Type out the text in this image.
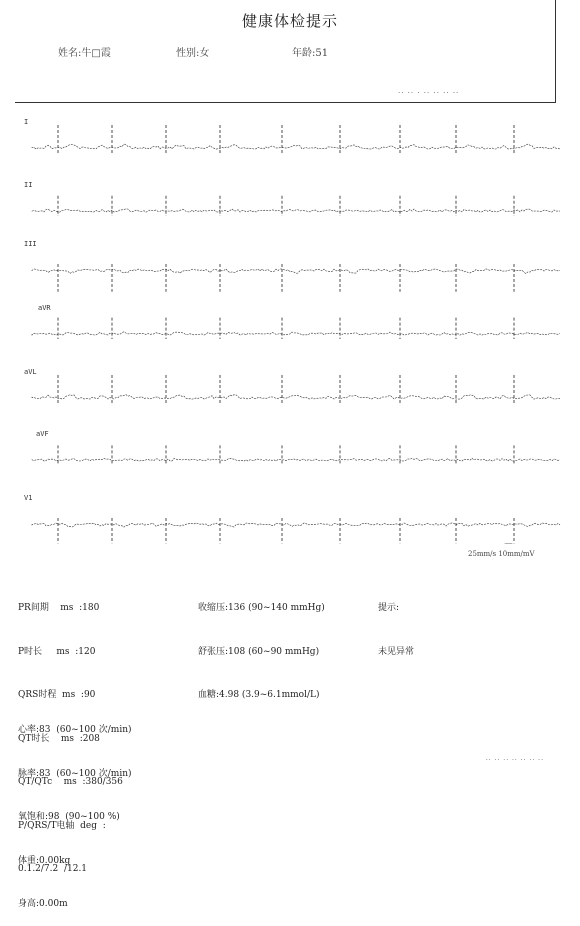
健康体检提示
姓名:牛□霞	性别:女	年龄:51
·· ·· · ·· ·· ·· ··
I
II
III
aVR
aVL
aVF
V1
25mm/s 10mm/mV

PR间期    ms  :180

P时长     ms  :120

QRS时程  ms  :90

QT时长    ms  :208

QT/QTc    ms  :380/356

P/QRS/T电轴  deg  :

0.1.2/7.2  /12.1

心率:83  (60~100 次/min)

脉率:83  (60~100 次/min)

氧饱和:98  (90~100 %)

体重:0.00kg

身高:0.00m

收缩压:136 (90~140 mmHg)

舒张压:108 (60~90 mmHg)

血糖:4.98 (3.9~6.1mmol/L)

提示:

未见异常

·· ·· ·· ·· ·· ·· ··
